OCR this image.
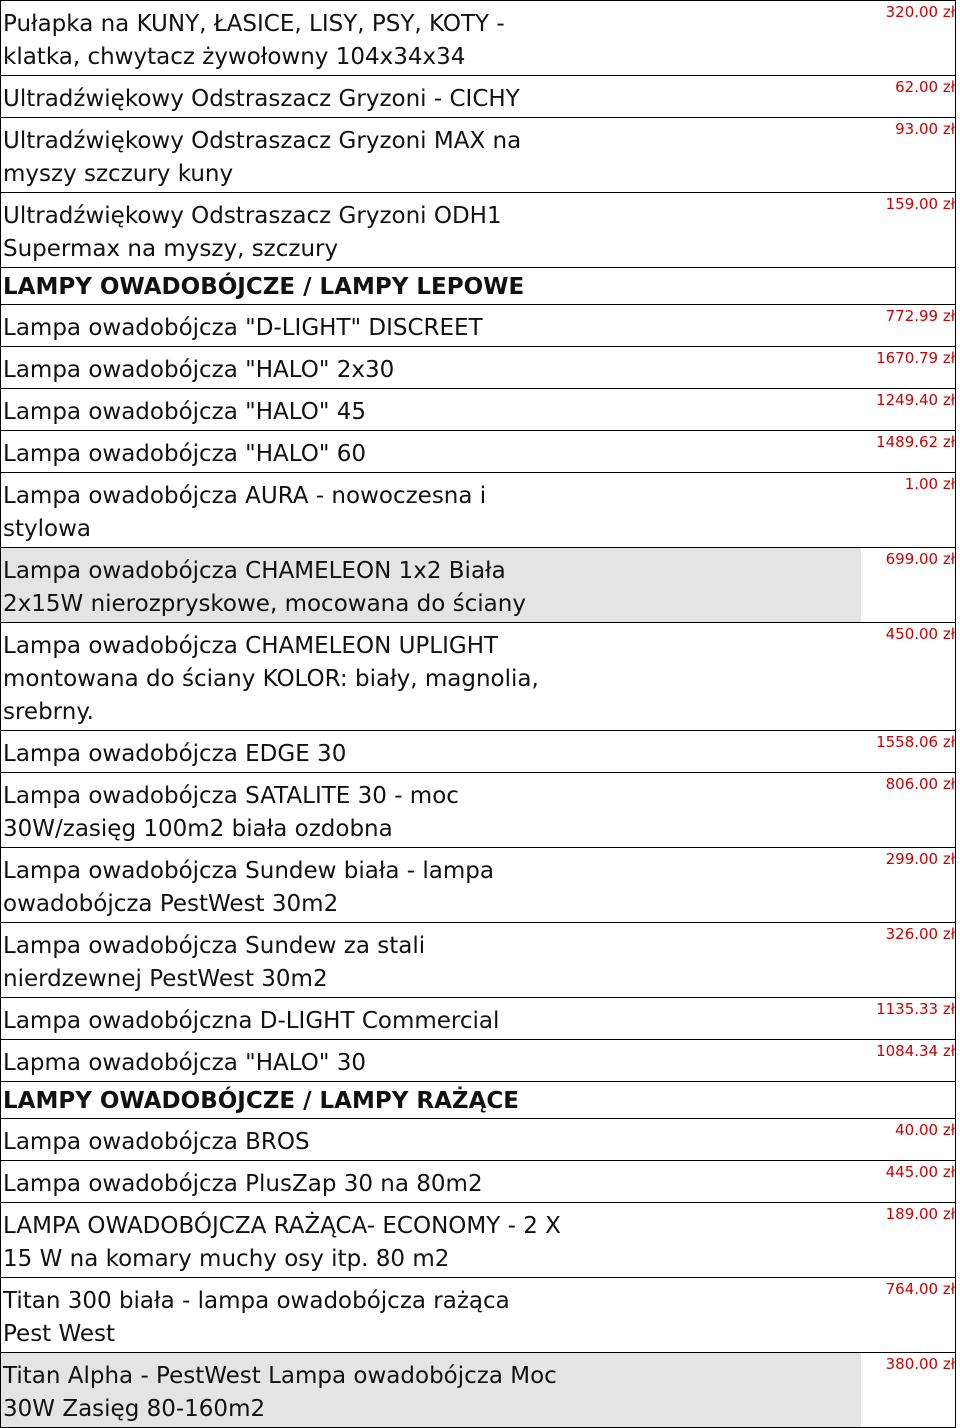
Pułapka na KUNY, ŁASICE, LISY, PSY, KOTY - klatka, chwytacz żywołowny 104x34x34	320.00 zł

Ultradźwiękowy Odstraszacz Gryzoni - CICHY	62.00 zł

Ultradźwiękowy Odstraszacz Gryzoni MAX na myszy szczury kuny	93.00 zł

Ultradźwiękowy Odstraszacz Gryzoni ODH1 Supermax na myszy, szczury	159.00 zł

LAMPY OWADOBÓJCZE / LAMPY LEPOWE	

Lampa owadobójcza "D-LIGHT" DISCREET	772.99 zł

Lampa owadobójcza "HALO" 2x30	1670.79 zł

Lampa owadobójcza "HALO" 45	1249.40 zł

Lampa owadobójcza "HALO" 60	1489.62 zł

Lampa owadobójcza AURA - nowoczesna i stylowa	1.00 zł

Lampa owadobójcza CHAMELEON 1x2 Biała 2x15W nierozpryskowe, mocowana do ściany	699.00 zł

Lampa owadobójcza CHAMELEON UPLIGHT montowana do ściany KOLOR: biały, magnolia, srebrny.	450.00 zł

Lampa owadobójcza EDGE 30	1558.06 zł

Lampa owadobójcza SATALITE 30 - moc 30W/zasięg 100m2 biała ozdobna	806.00 zł

Lampa owadobójcza Sundew biała - lampa owadobójcza PestWest 30m2	299.00 zł

Lampa owadobójcza Sundew za stali nierdzewnej PestWest 30m2	326.00 zł

Lampa owadobójczna D-LIGHT Commercial	1135.33 zł

Lapma owadobójcza "HALO" 30	1084.34 zł

LAMPY OWADOBÓJCZE / LAMPY RAŻĄCE	

Lampa owadobójcza BROS	40.00 zł

Lampa owadobójcza PlusZap 30 na 80m2	445.00 zł

LAMPA OWADOBÓJCZA RAŻĄCA- ECONOMY - 2 X 15 W na komary muchy osy itp. 80 m2	189.00 zł

Titan 300 biała - lampa owadobójcza rażąca Pest West	764.00 zł

Titan Alpha - PestWest Lampa owadobójcza Moc 30W Zasięg 80-160m2	380.00 zł
